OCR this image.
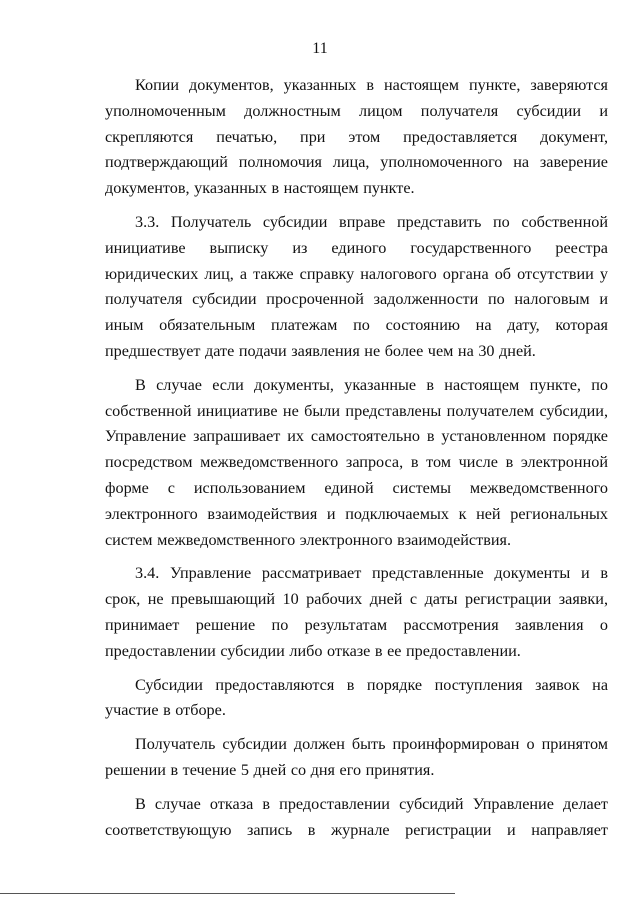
11

Копии документов, указанных в настоящем пункте, заверяются уполномоченным должностным лицом получателя субсидии и скрепляются печатью, при этом предоставляется документ, подтверждающий полномочия лица, уполномоченного на заверение документов, указанных в настоящем пункте.

3.3. Получатель субсидии вправе представить по собственной инициативе выписку из единого государственного реестра юридических лиц, а также справку налогового органа об отсутствии у получателя субсидии просроченной задолженности по налоговым и иным обязательным платежам по состоянию на дату, которая предшествует дате подачи заявления не более чем на 30 дней.

В случае если документы, указанные в настоящем пункте, по собственной инициативе не были представлены получателем субсидии, Управление запрашивает их самостоятельно в установленном порядке посредством межведомственного запроса, в том числе в электронной форме с использованием единой системы межведомственного электронного взаимодействия и подключаемых к ней региональных систем межведомственного электронного взаимодействия.

3.4. Управление рассматривает представленные документы и в срок, не превышающий 10 рабочих дней с даты регистрации заявки, принимает решение по результатам рассмотрения заявления о предоставлении субсидии либо отказе в ее предоставлении.

Субсидии предоставляются в порядке поступления заявок на участие в отборе.

Получатель субсидии должен быть проинформирован о принятом решении в течение 5 дней со дня его принятия.

В случае отказа в предоставлении субсидий Управление делает соответствующую запись в журнале регистрации и направляет
